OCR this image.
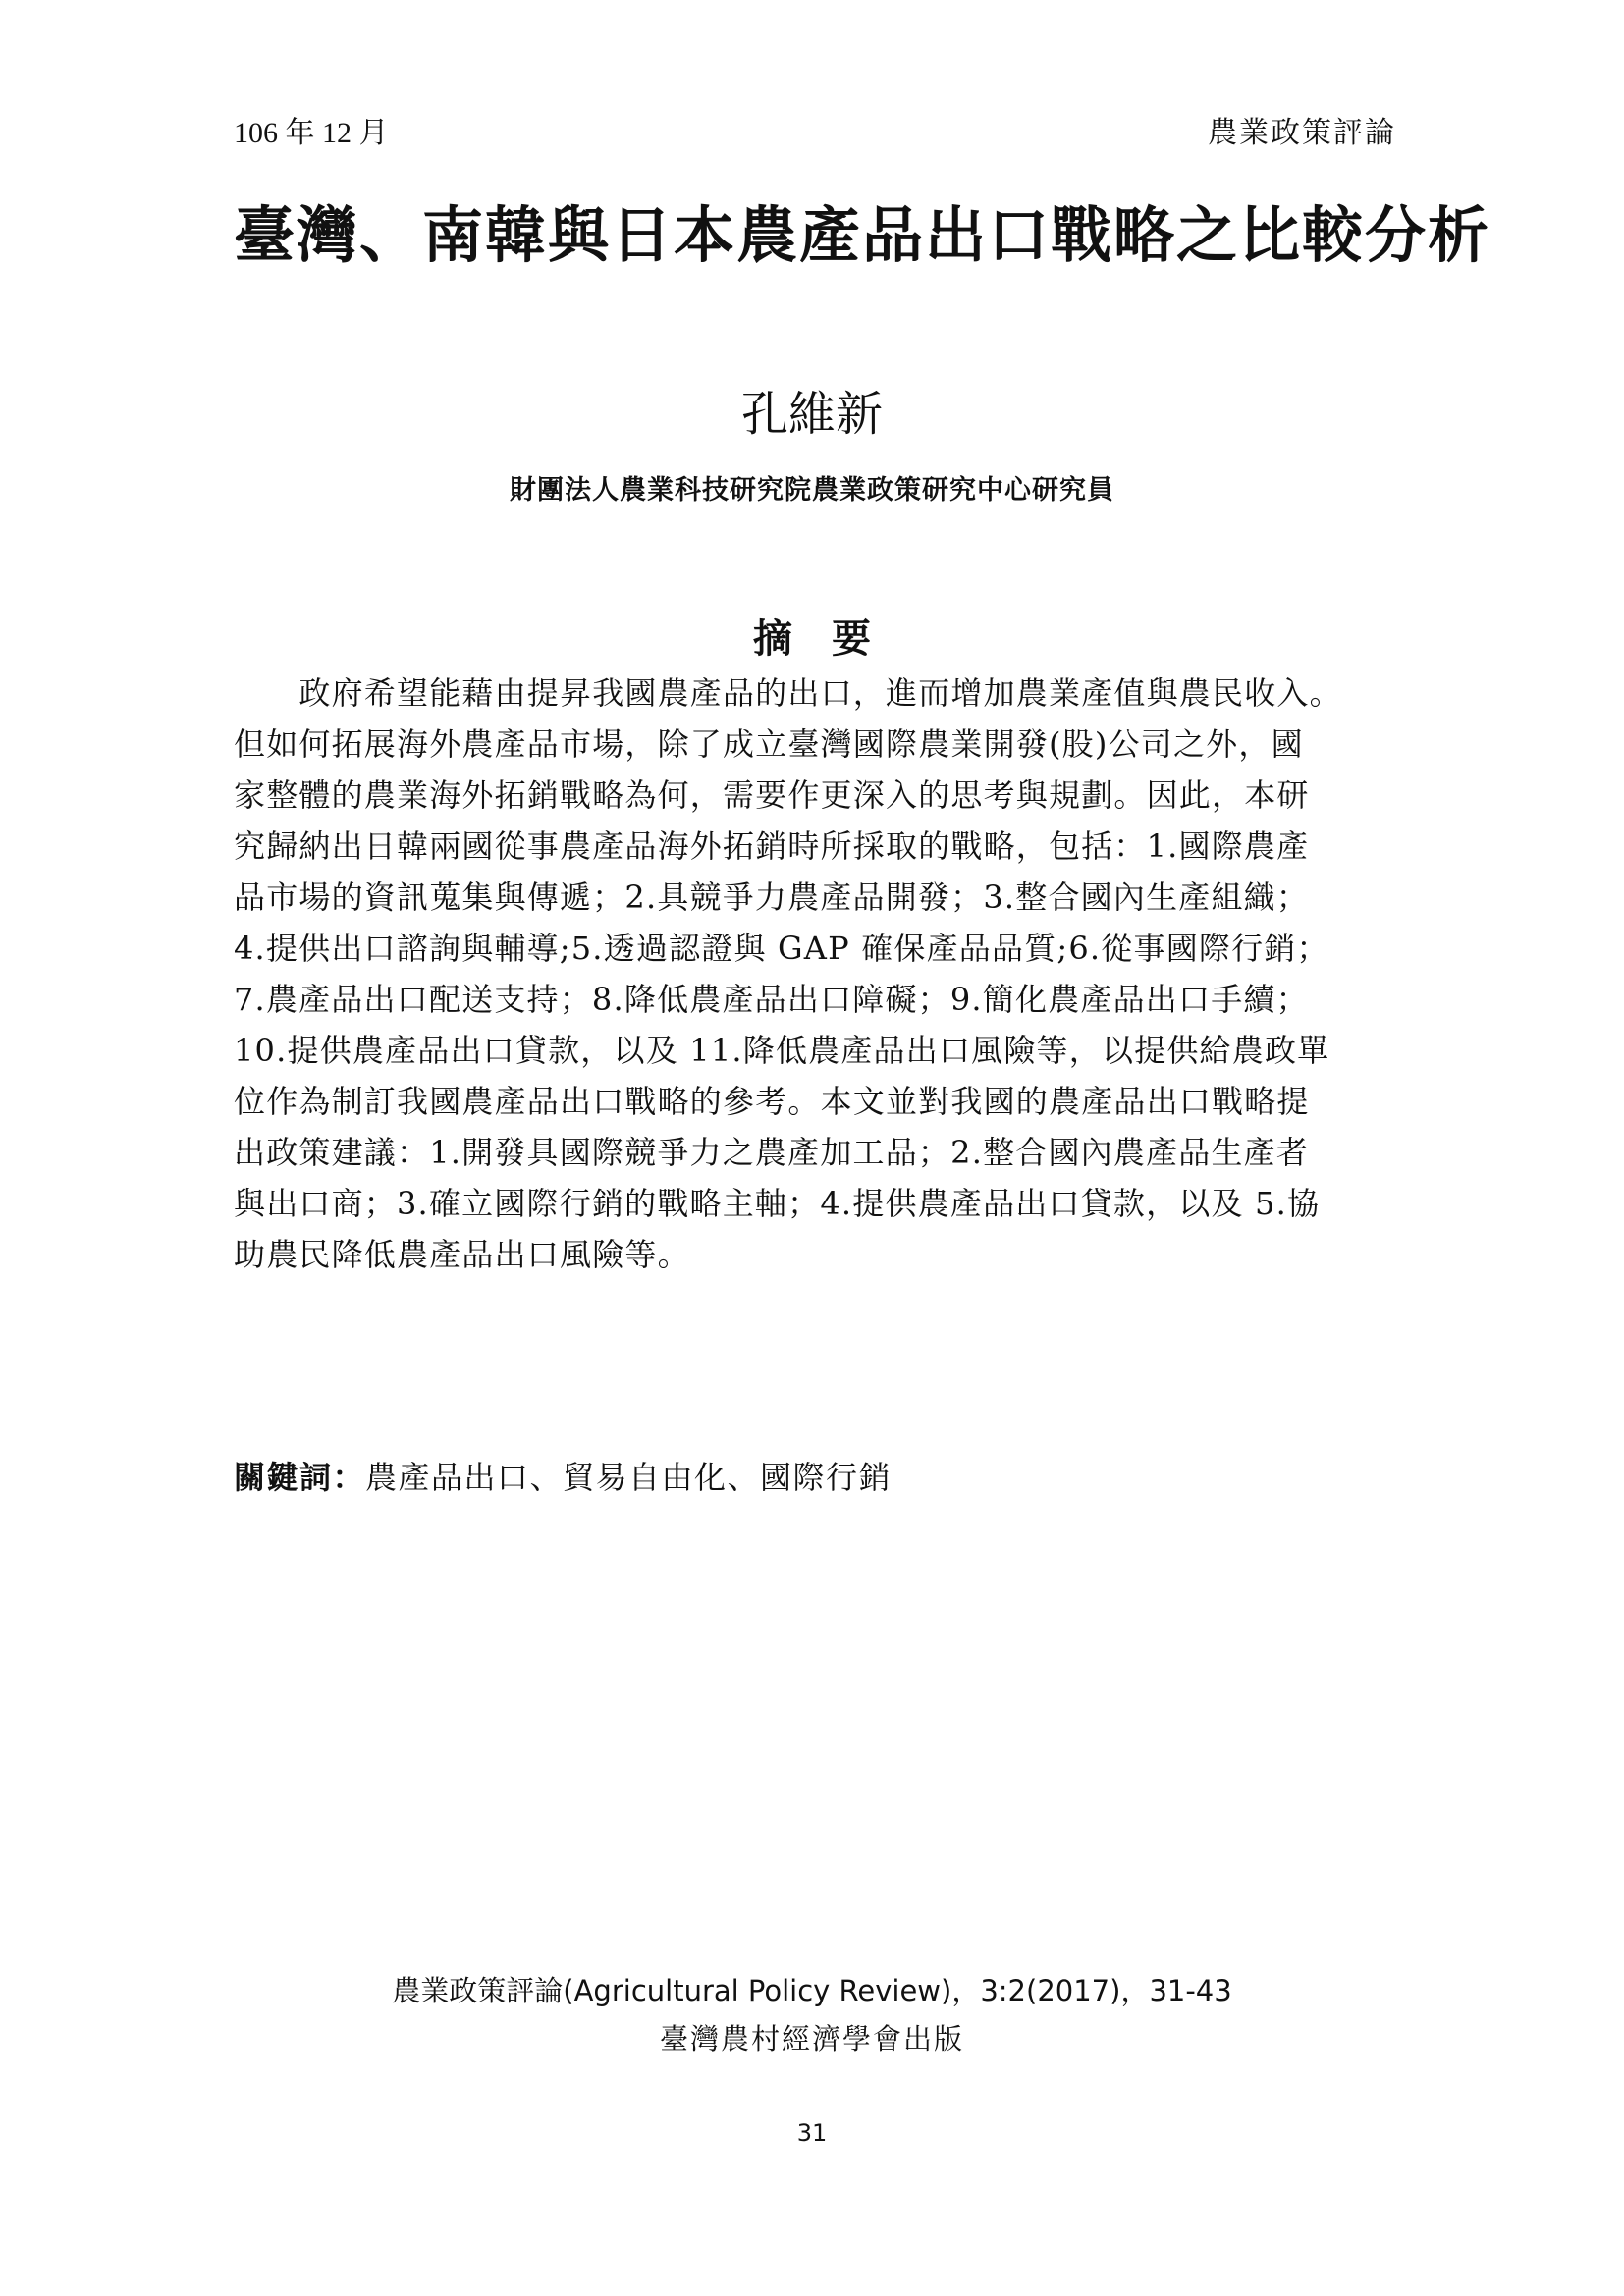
106 年 12 月	農業政策評論
臺灣、南韓與日本農產品出口戰略之比較分析
孔維新
財團法人農業科技研究院農業政策研究中心研究員
摘要
　　政府希望能藉由提昇我國農產品的出口，進而增加農業產值與農民收入。
但如何拓展海外農產品市場，除了成立臺灣國際農業開發(股)公司之外，國
家整體的農業海外拓銷戰略為何，需要作更深入的思考與規劃。因此，本研
究歸納出日韓兩國從事農產品海外拓銷時所採取的戰略，包括：1.國際農產
品市場的資訊蒐集與傳遞；2.具競爭力農產品開發；3.整合國內生產組織；
4.提供出口諮詢與輔導;5.透過認證與 GAP 確保產品品質;6.從事國際行銷；
7.農產品出口配送支持；8.降低農產品出口障礙；9.簡化農產品出口手續；
10.提供農產品出口貸款，以及 11.降低農產品出口風險等，以提供給農政單
位作為制訂我國農產品出口戰略的參考。本文並對我國的農產品出口戰略提
出政策建議：1.開發具國際競爭力之農產加工品；2.整合國內農產品生產者
與出口商；3.確立國際行銷的戰略主軸；4.提供農產品出口貸款，以及 5.協
助農民降低農產品出口風險等。
關鍵詞：農產品出口、貿易自由化、國際行銷
農業政策評論(Agricultural Policy Review)，3:2(2017)，31-43
臺灣農村經濟學會出版
31
